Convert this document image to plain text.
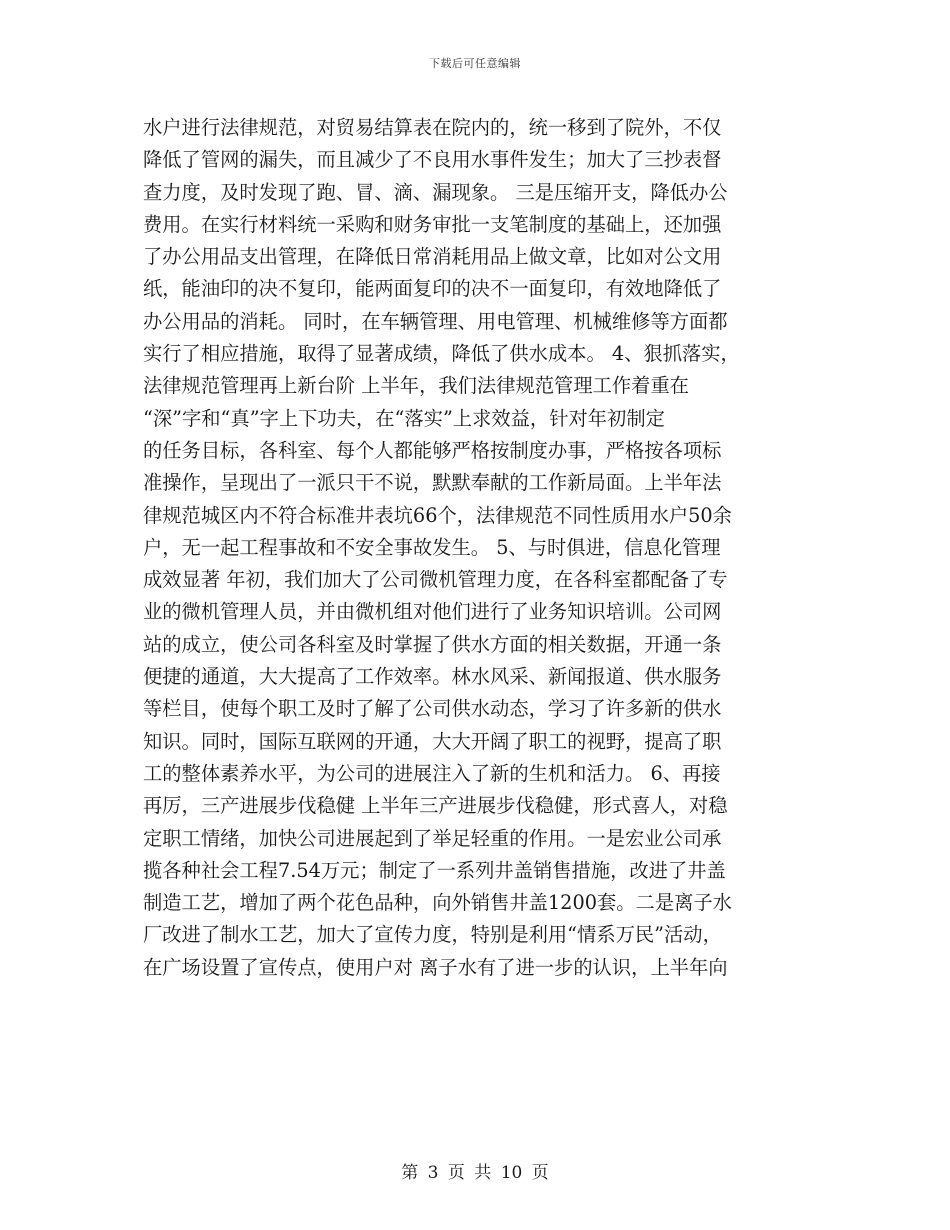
下载后可任意编辑
水户进行法律规范，对贸易结算表在院内的，统一移到了院外，不仅
降低了管网的漏失，而且减少了不良用水事件发生；加大了三抄表督
查力度，及时发现了跑、冒、滴、漏现象。 三是压缩开支，降低办公
费用。在实行材料统一采购和财务审批一支笔制度的基础上，还加强
了办公用品支出管理，在降低日常消耗用品上做文章，比如对公文用
纸，能油印的决不复印，能两面复印的决不一面复印，有效地降低了
办公用品的消耗。 同时，在车辆管理、用电管理、机械维修等方面都
实行了相应措施，取得了显著成绩，降低了供水成本。 4、狠抓落实，
法律规范管理再上新台阶 上半年，我们法律规范管理工作着重在
“深”字和“真”字上下功夫，在“落实”上求效益，针对年初制定
的任务目标，各科室、每个人都能够严格按制度办事，严格按各项标
准操作，呈现出了一派只干不说，默默奉献的工作新局面。上半年法
律规范城区内不符合标准井表坑66个，法律规范不同性质用水户50余
户，无一起工程事故和不安全事故发生。 5、与时俱进，信息化管理
成效显著 年初，我们加大了公司微机管理力度，在各科室都配备了专
业的微机管理人员，并由微机组对他们进行了业务知识培训。公司网
站的成立，使公司各科室及时掌握了供水方面的相关数据，开通一条
便捷的通道，大大提高了工作效率。林水风采、新闻报道、供水服务
等栏目，使每个职工及时了解了公司供水动态，学习了许多新的供水
知识。同时，国际互联网的开通，大大开阔了职工的视野，提高了职
工的整体素养水平，为公司的进展注入了新的生机和活力。 6、再接
再厉，三产进展步伐稳健 上半年三产进展步伐稳健，形式喜人，对稳
定职工情绪，加快公司进展起到了举足轻重的作用。一是宏业公司承
揽各种社会工程7.54万元；制定了一系列井盖销售措施，改进了井盖
制造工艺，增加了两个花色品种，向外销售井盖1200套。二是离子水
厂改进了制水工艺，加大了宣传力度，特别是利用“情系万民”活动，
在广场设置了宣传点，使用户对 离子水有了进一步的认识，上半年向
第 3 页 共 10 页
